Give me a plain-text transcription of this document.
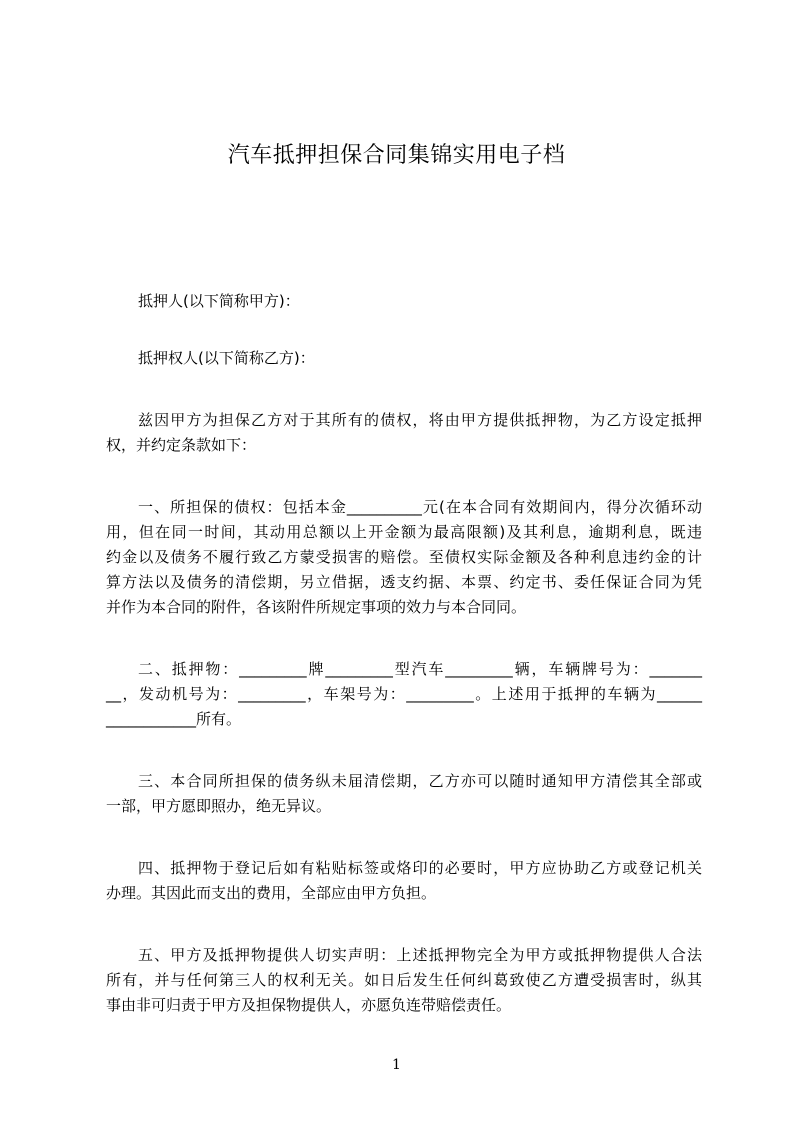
汽车抵押担保合同集锦实用电子档

抵押人(以下简称甲方)：

抵押权人(以下简称乙方)：

兹因甲方为担保乙方对于其所有的债权，将由甲方提供抵押物，为乙方设定抵押

权，并约定条款如下：

一、所担保的债权：包括本金__________元(在本合同有效期间内，得分次循环动

用，但在同一时间，其动用总额以上开金额为最高限额)及其利息，逾期利息，既违

约金以及债务不履行致乙方蒙受损害的赔偿。至债权实际金额及各种利息违约金的计

算方法以及债务的清偿期，另立借据，透支约据、本票、约定书、委任保证合同为凭

并作为本合同的附件，各该附件所规定事项的效力与本合同同。

二、抵押物：_________牌_________型汽车_________辆，车辆牌号为：_______

__，发动机号为：_________，车架号为：_________。上述用于抵押的车辆为______

____________所有。

三、本合同所担保的债务纵未届清偿期，乙方亦可以随时通知甲方清偿其全部或

一部，甲方愿即照办，绝无异议。

四、抵押物于登记后如有粘贴标签或烙印的必要时，甲方应协助乙方或登记机关

办理。其因此而支出的费用，全部应由甲方负担。

五、甲方及抵押物提供人切实声明：上述抵押物完全为甲方或抵押物提供人合法

所有，并与任何第三人的权利无关。如日后发生任何纠葛致使乙方遭受损害时，纵其

事由非可归责于甲方及担保物提供人，亦愿负连带赔偿责任。

1
